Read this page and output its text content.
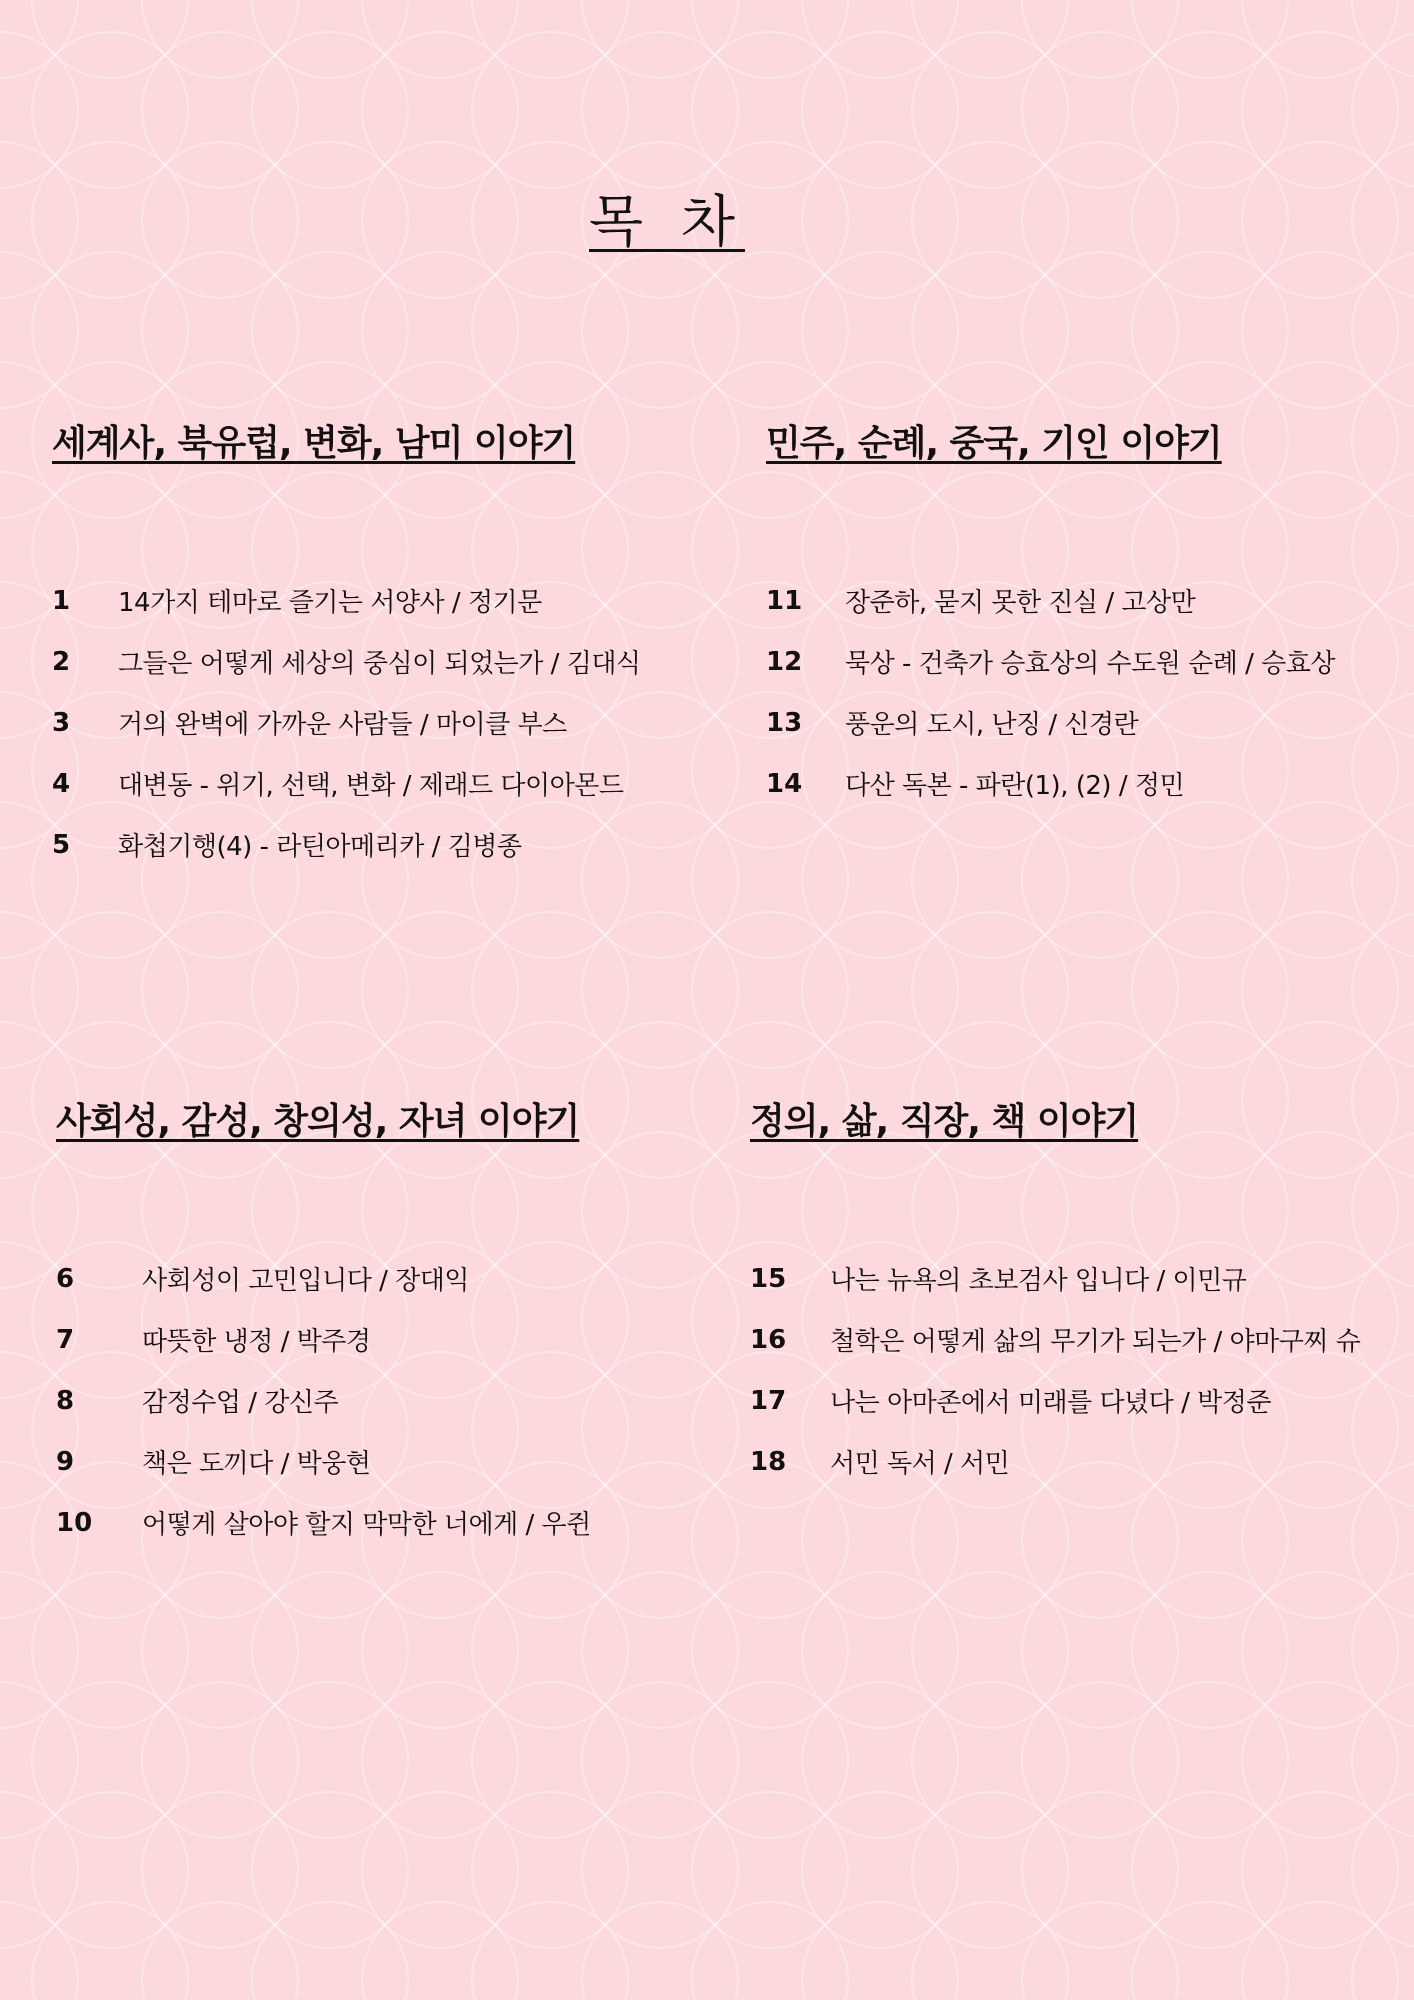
목 차
세계사, 북유럽, 변화, 남미 이야기
1 14가지 테마로 즐기는 서양사 / 정기문
2 그들은 어떻게 세상의 중심이 되었는가 / 김대식
3 거의 완벽에 가까운 사람들 / 마이클 부스
4 대변동 - 위기, 선택, 변화 / 제래드 다이아몬드
5 화첩기행(4) - 라틴아메리카 / 김병종
민주, 순례, 중국, 기인 이야기
11 장준하, 묻지 못한 진실 / 고상만
12 묵상 - 건축가 승효상의 수도원 순례 / 승효상
13 풍운의 도시, 난징 / 신경란
14 다산 독본 - 파란(1), (2) / 정민
사회성, 감성, 창의성, 자녀 이야기
6	사회성이 고민입니다 / 장대익
7	따뜻한 냉정 / 박주경
8	감정수업 / 강신주
9	책은 도끼다 / 박웅현
10 어떻게 살아야 할지 막막한 너에게 / 우쥔
정의, 삶, 직장, 책 이야기
15 나는 뉴욕의 초보검사 입니다 / 이민규
16 철학은 어떻게 삶의 무기가 되는가 / 야마구찌 슈
17 나는 아마존에서 미래를 다녔다 / 박정준
18 서민 독서 / 서민
